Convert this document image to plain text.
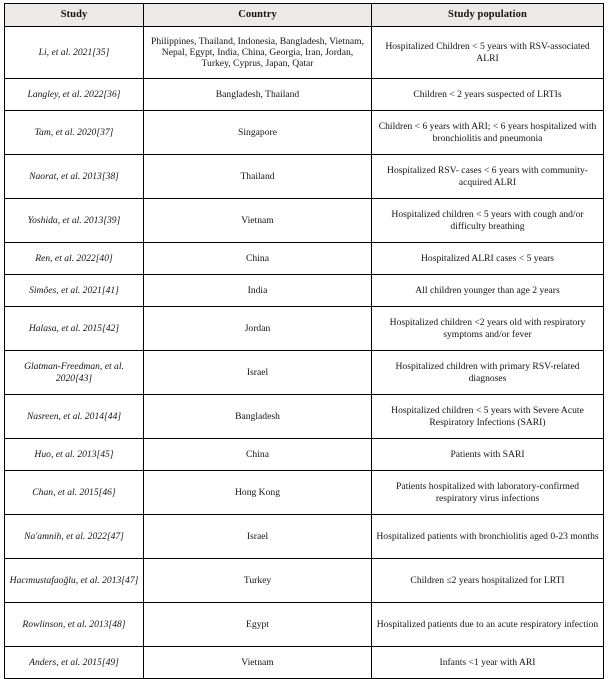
Study	Country	Study population
Li, et al. 2021[35]	Philippines, Thailand, Indonesia, Bangladesh, Vietnam, Nepal, Egypt, India, China, Georgia, Iran, Jordan, Turkey, Cyprus, Japan, Qatar	Hospitalized Children < 5 years with RSV-associated ALRI
Langley, et al. 2022[36]	Bangladesh, Thailand	Children < 2 years suspected of LRTIs
Tam, et al. 2020[37]	Singapore	Children < 6 years with ARI; < 6 years hospitalized with bronchiolitis and pneumonia
Naorat, et al. 2013[38]	Thailand	Hospitalized RSV- cases < 6 years with community-acquired ALRI
Yoshida, et al. 2013[39]	Vietnam	Hospitalized children < 5 years with cough and/or difficulty breathing
Ren, et al. 2022[40]	China	Hospitalized ALRI cases < 5 years
Simões, et al. 2021[41]	India	All children younger than age 2 years
Halasa, et al. 2015[42]	Jordan	Hospitalized children <2 years old with respiratory symptoms and/or fever
Glatman-Freedman, et al. 2020[43]	Israel	Hospitalized children with primary RSV-related diagnoses
Nasreen, et al. 2014[44]	Bangladesh	Hospitalized children < 5 years with Severe Acute Respiratory Infections (SARI)
Huo, et al. 2013[45]	China	Patients with SARI
Chan, et al. 2015[46]	Hong Kong	Patients hospitalized with laboratory-confirmed respiratory virus infections
Na'amnih, et al. 2022[47]	Israel	Hospitalized patients with bronchiolitis aged 0-23 months
Hacımustafaoğlu, et al. 2013[47]	Turkey	Children ≤2 years hospitalized for LRTI
Rowlinson, et al. 2013[48]	Egypt	Hospitalized patients due to an acute respiratory infection
Anders, et al. 2015[49]	Vietnam	Infants <1 year with ARI
